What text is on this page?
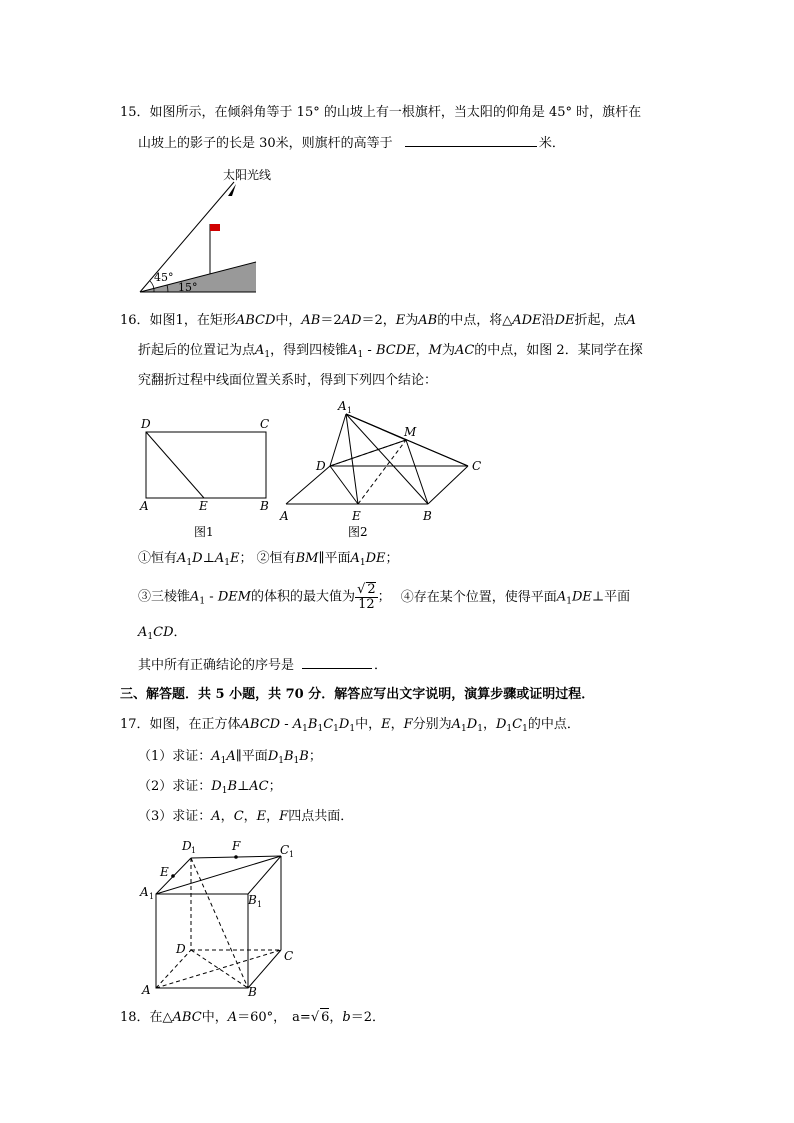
15．如图所示，在倾斜角等于 15° 的山坡上有一根旗杆，当太阳的仰角是 45° 时，旗杆在
山坡上的影子的长是 30米，则旗杆的高等于	米．
太阳光线
45°
15°
16．如图1，在矩形ABCD中，AB＝2AD＝2，E为AB的中点，将△ADE沿DE折起，点A
折起后的位置记为点$A_1$，得到四棱锥$A_1$ - BCDE，M为AC的中点，如图 2．某同学在探
究翻折过程中线面位置关系时，得到下列四个结论：
D	C
A	E	B
图1
A 1
M
D	C
A	E	B
图2
①恒有$A_1D\perp A_1E$； ②恒有BM∥平面$A_1DE$；
③三棱锥$A_1$ - DEM的体积的最大值为 $\frac{√ 2}{12}$ ； ④存在某个位置，使得平面$A_1DE\perp$平面
$A_1CD$．
其中所有正确结论的序号是	．
三、解答题．共 5 小题，共 70 分．解答应写出文字说明，演算步骤或证明过程．
17．如图，在正方体ABCD - $A_1B_1C_1D_1$中，E，F分别为$A_1D_1$，$D_1C_1$的中点．
（1）求证：$A_1A\parallel$平面$D_1B_1B$；
（2）求证：$D_1B\perp AC$；
（3）求证：A，C，E，F四点共面．
D 1	F	C 1
E
A 1	B 1
D	C
A	B
18．在△ABC中，A＝60°， a=√ 6，b＝2．
